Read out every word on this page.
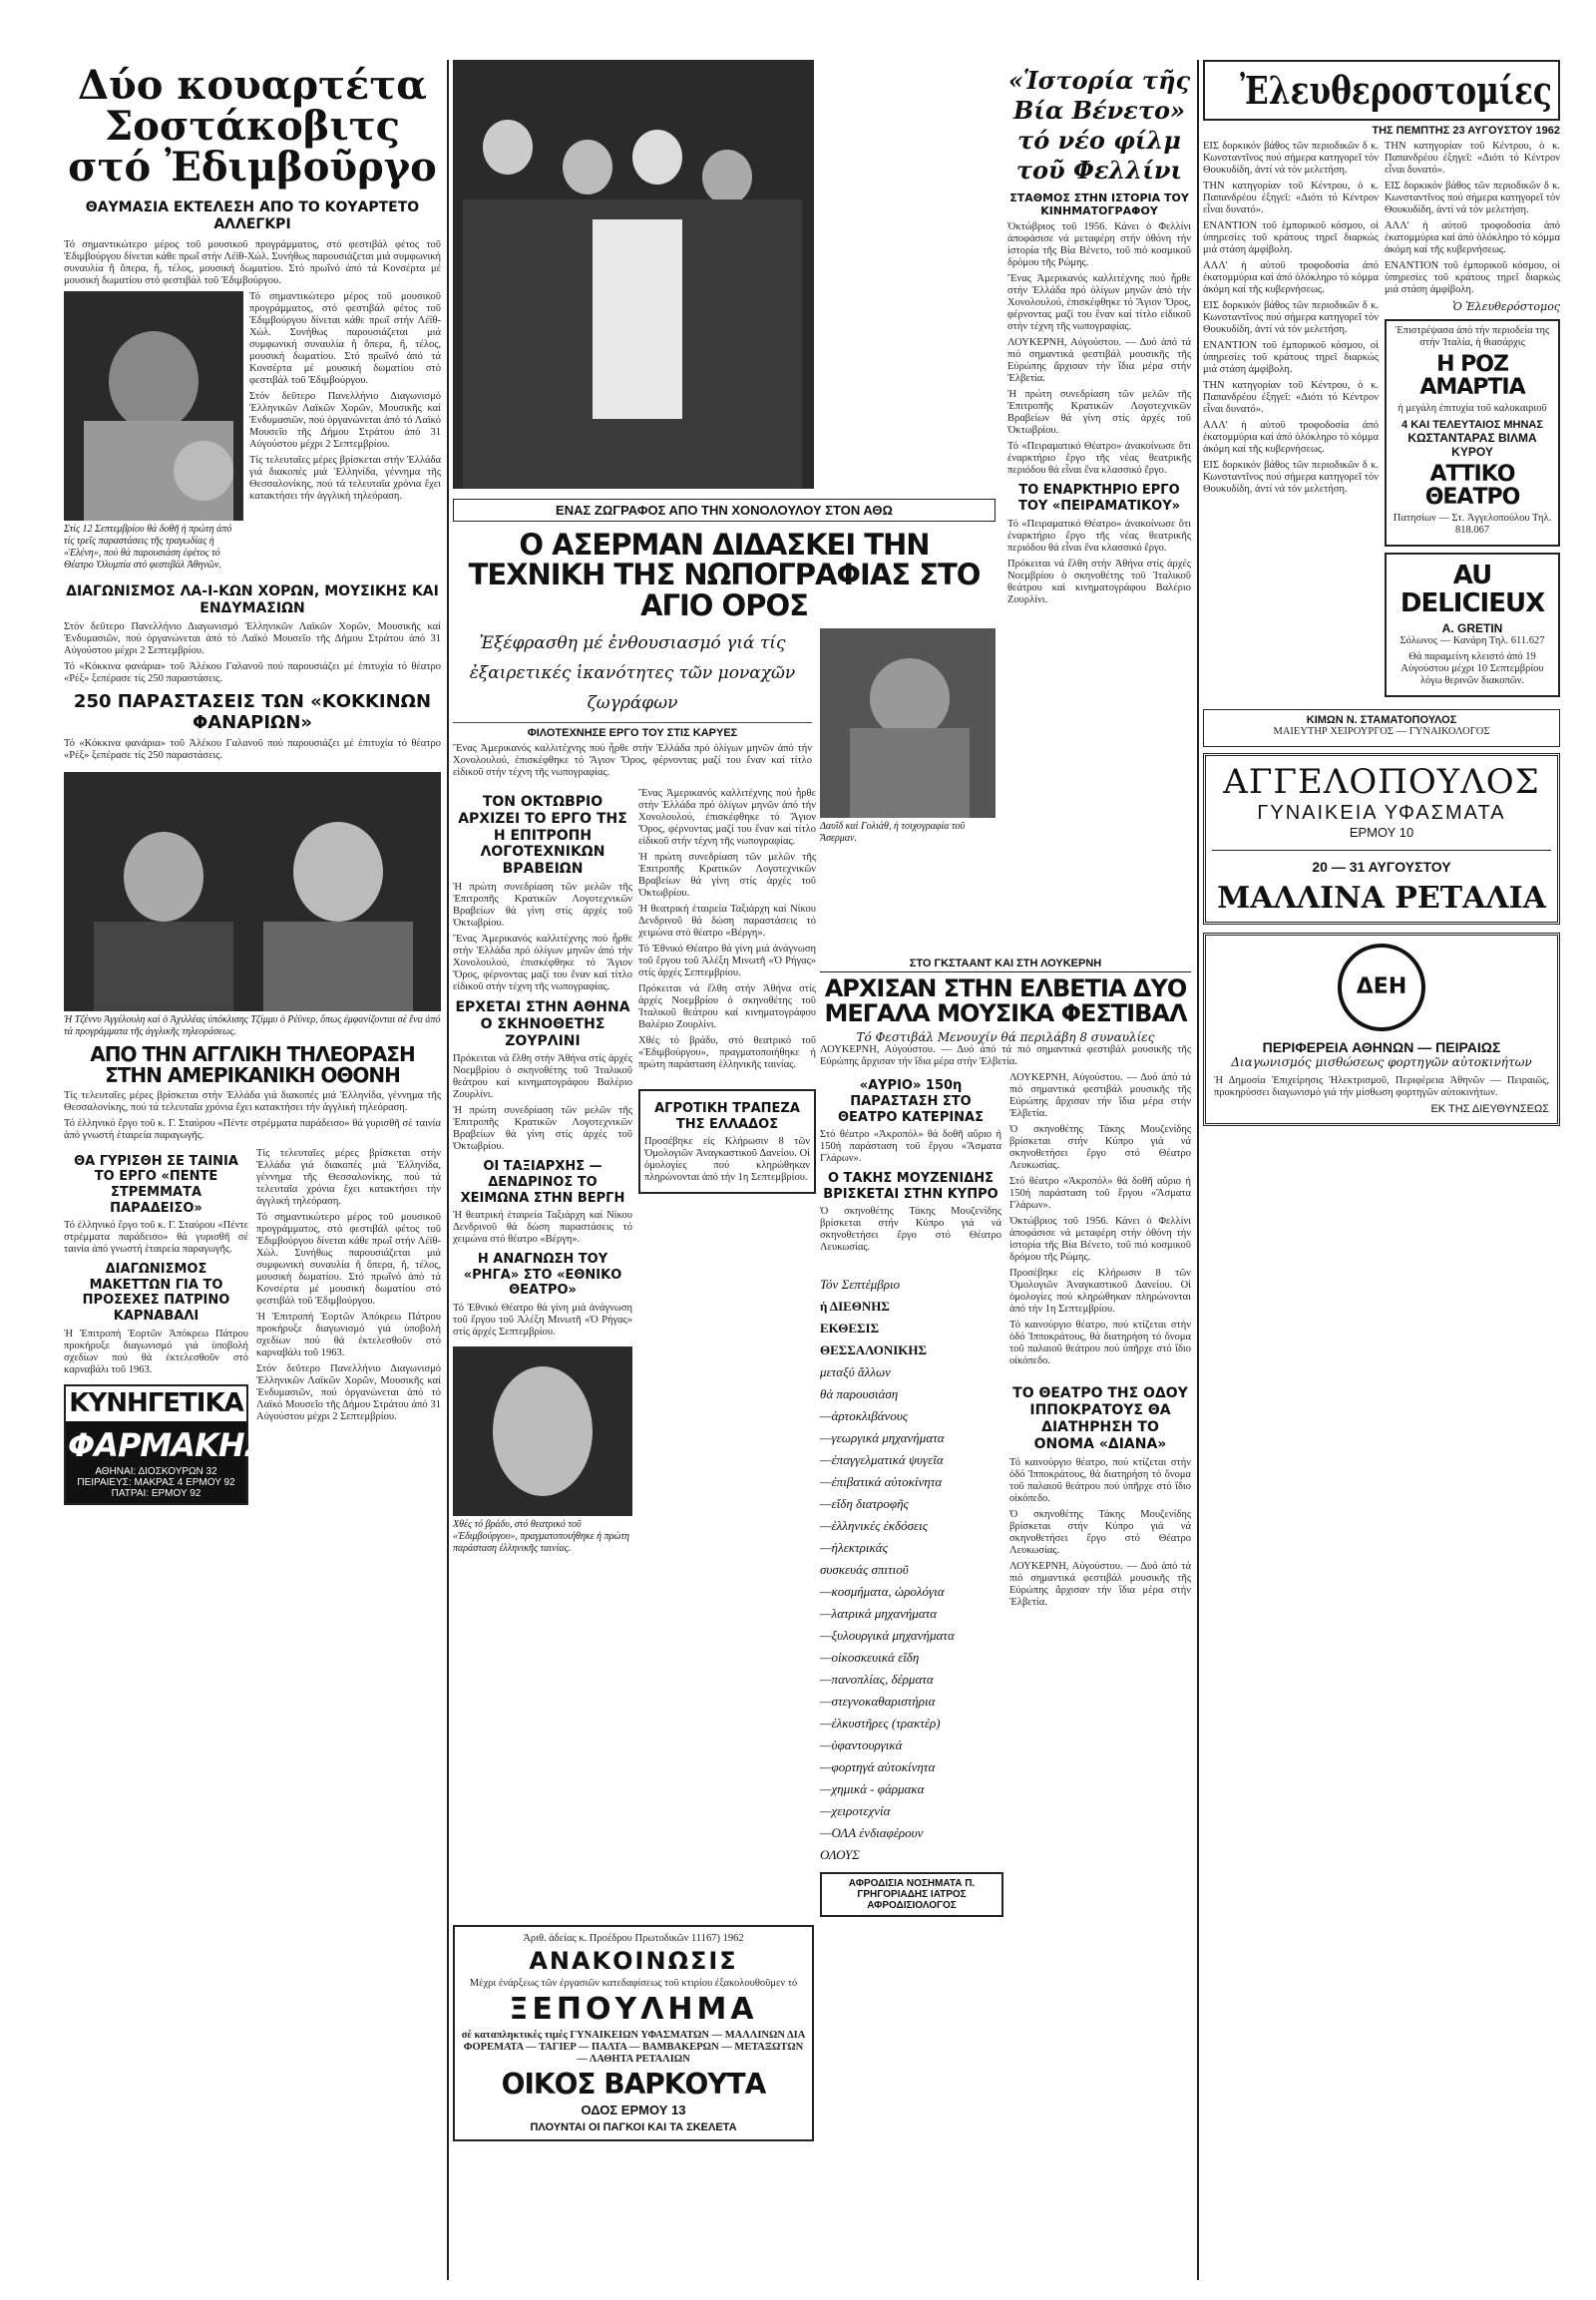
Δύο κουαρτέτα Σοστάκοβιτς στό Ἐδιμβοῦργο
ΘΑΥΜΑΣΙΑ ΕΚΤΕΛΕΣΗ ΑΠΟ ΤΟ ΚΟΥΑΡΤΕΤΟ ΑΛΛΕΓΚΡΙ

Τό σημαντικώτερο μέρος τοῦ μουσικοῦ προγράμματος, στό φεστιβάλ φέτος τοῦ Ἐδιμβούργου δίνεται κάθε πρωΐ στήν Λέϊθ-Χώλ. Συνήθως παρουσιάζεται μιά συμφωνική συναυλία ἤ ὄπερα, ἤ, τέλος, μουσική δωματίου. Στό πρωΐνό ἀπό τά Κονσέρτα μέ μουσική δωματίου στό φεστιβάλ τοῦ Ἐδιμβούργου.

Στίς 12 Σεπτεμβρίου θά δοθῆ ἡ πρώτη ἀπό τίς τρεῖς παραστάσεις τῆς τραγωδίας ἡ «Ἑλένη», πού θά παρουσιάση ἐφέτος τό Θέατρο Ὀλυμπία στό φεστιβάλ Ἀθηνῶν.

Τό σημαντικώτερο μέρος τοῦ μουσικοῦ προγράμματος, στό φεστιβάλ φέτος τοῦ Ἐδιμβούργου δίνεται κάθε πρωΐ στήν Λέϊθ-Χώλ. Συνήθως παρουσιάζεται μιά συμφωνική συναυλία ἤ ὄπερα, ἤ, τέλος, μουσική δωματίου. Στό πρωΐνό ἀπό τά Κονσέρτα μέ μουσική δωματίου στό φεστιβάλ τοῦ Ἐδιμβούργου.

Στόν δεῦτερο Πανελλήνιο Διαγωνισμό Ἑλληνικῶν Λαϊκῶν Χορῶν, Μουσικῆς καί Ἐνδυμασιῶν, πού ὀργανώνεται ἀπό τό Λαϊκό Μουσεῖο τῆς Δήμου Στράτου ἀπό 31 Αὐγούστου μέχρι 2 Σεπτεμβρίου.

Τίς τελευταῖες μέρες βρίσκεται στήν Ἑλλάδα γιά διακοπές μιά Ἑλληνίδα, γέννημα τῆς Θεσσαλονίκης, πού τά τελευταῖα χρόνια ἔχει κατακτήσει τήν ἀγγλική τηλεόραση.

ΔΙΑΓΩΝΙΣΜΟΣ ΛΑ-Ι-ΚΩΝ ΧΟΡΩΝ, ΜΟΥΣΙΚΗΣ ΚΑΙ ΕΝΔΥΜΑΣΙΩΝ

Στόν δεῦτερο Πανελλήνιο Διαγωνισμό Ἑλληνικῶν Λαϊκῶν Χορῶν, Μουσικῆς καί Ἐνδυμασιῶν, πού ὀργανώνεται ἀπό τό Λαϊκό Μουσεῖο τῆς Δήμου Στράτου ἀπό 31 Αὐγούστου μέχρι 2 Σεπτεμβρίου.

Τό «Κόκκινα φανάρια» τοῦ Ἀλέκου Γαλανοῦ πού παρουσιάζει μέ ἐπιτυχία τό θέατρο «Ρέξ» ξεπέρασε τίς 250 παραστάσεις.

250 ΠΑΡΑΣΤΑΣΕΙΣ ΤΩΝ «ΚΟΚΚΙΝΩΝ ΦΑΝΑΡΙΩΝ»

Τό «Κόκκινα φανάρια» τοῦ Ἀλέκου Γαλανοῦ πού παρουσιάζει μέ ἐπιτυχία τό θέατρο «Ρέξ» ξεπέρασε τίς 250 παραστάσεις.

Ἡ Τζέννυ Ἀγγέλουλη καί ὁ Ἀχιλλέας ὑπόκλισης Τζίμμυ ὁ Ρέϋνερ, ὅπως ἐμφανίζονται σέ ἕνα ἀπό τά προγράμματα τῆς ἀγγλικῆς τηλεοράσεως.

ΑΠΟ ΤΗΝ ΑΓΓΛΙΚΗ ΤΗΛΕΟΡΑΣΗ ΣΤΗΝ ΑΜΕΡΙΚΑΝΙΚΗ ΟΘΟΝΗ

Τίς τελευταῖες μέρες βρίσκεται στήν Ἑλλάδα γιά διακοπές μιά Ἑλληνίδα, γέννημα τῆς Θεσσαλονίκης, πού τά τελευταῖα χρόνια ἔχει κατακτήσει τήν ἀγγλική τηλεόραση.

Τό ἑλληνικό ἔργο τοῦ κ. Γ. Σταύρου «Πέντε στρέμματα παράδεισο» θά γυρισθῆ σέ ταινία ἀπό γνωστή ἑταιρεία παραγωγῆς.

ΘΑ ΓΥΡΙΣΘΗ ΣΕ ΤΑΙΝΙΑ ΤΟ ΕΡΓΟ «ΠΕΝΤΕ ΣΤΡΕΜΜΑΤΑ ΠΑΡΑΔΕΙΣΟ»

Τό ἑλληνικό ἔργο τοῦ κ. Γ. Σταύρου «Πέντε στρέμματα παράδεισο» θά γυρισθῆ σέ ταινία ἀπό γνωστή ἑταιρεία παραγωγῆς.

ΔΙΑΓΩΝΙΣΜΟΣ ΜΑΚΕΤΤΩΝ ΓΙΑ ΤΟ ΠΡΟΣΕΧΕΣ ΠΑΤΡΙΝΟ ΚΑΡΝΑΒΑΛΙ

Ἡ Ἐπιτροπή Ἑορτῶν Ἀπόκρεω Πάτρου προκήρυξε διαγωνισμό γιά ὑποβολή σχεδίων πού θά ἐκτελεσθοῦν στό καρναβάλι τοῦ 1963.

ΚΥΝΗΓΕΤΙΚΑ
ΦΑΡΜΑΚΗΣ
ΑΘΗΝΑΙ: ΔΙΟΣΚΟΥΡΩΝ 32
ΠΕΙΡΑΙΕΥΣ: ΜΑΚΡΑΣ 4 ΕΡΜΟΥ 92
ΠΑΤΡΑΙ: ΕΡΜΟΥ 92

Τίς τελευταῖες μέρες βρίσκεται στήν Ἑλλάδα γιά διακοπές μιά Ἑλληνίδα, γέννημα τῆς Θεσσαλονίκης, πού τά τελευταῖα χρόνια ἔχει κατακτήσει τήν ἀγγλική τηλεόραση.

Τό σημαντικώτερο μέρος τοῦ μουσικοῦ προγράμματος, στό φεστιβάλ φέτος τοῦ Ἐδιμβούργου δίνεται κάθε πρωΐ στήν Λέϊθ-Χώλ. Συνήθως παρουσιάζεται μιά συμφωνική συναυλία ἤ ὄπερα, ἤ, τέλος, μουσική δωματίου. Στό πρωΐνό ἀπό τά Κονσέρτα μέ μουσική δωματίου στό φεστιβάλ τοῦ Ἐδιμβούργου.

Ἡ Ἐπιτροπή Ἑορτῶν Ἀπόκρεω Πάτρου προκήρυξε διαγωνισμό γιά ὑποβολή σχεδίων πού θά ἐκτελεσθοῦν στό καρναβάλι τοῦ 1963.

Στόν δεῦτερο Πανελλήνιο Διαγωνισμό Ἑλληνικῶν Λαϊκῶν Χορῶν, Μουσικῆς καί Ἐνδυμασιῶν, πού ὀργανώνεται ἀπό τό Λαϊκό Μουσεῖο τῆς Δήμου Στράτου ἀπό 31 Αὐγούστου μέχρι 2 Σεπτεμβρίου.

«Ἱστορία τῆς Βία Βένετο» τό νέο φίλμ τοῦ Φελλίνι
ΣΤΑΘΜΟΣ ΣΤΗΝ ΙΣΤΟΡΙΑ ΤΟΥ ΚΙΝΗΜΑΤΟΓΡΑΦΟΥ

Ὀκτώβριος τοῦ 1956. Κάνει ὁ Φελλίνι ἀποφάσισε νά μεταφέρη στήν ὀθόνη τήν ἱστορία τῆς Βία Βένετο, τοῦ πιό κοσμικοῦ δρόμου τῆς Ρώμης.

Ἕνας Ἀμερικανός καλλιτέχνης πού ἦρθε στήν Ἑλλάδα πρό ὀλίγων μηνῶν ἀπό τήν Χονολουλού, ἐπισκέφθηκε τό Ἅγιον Ὄρος, φέρνοντας μαζί του ἕναν καί τίτλο εἰδικοῦ στήν τέχνη τῆς νωπογραφίας.

ΛΟΥΚΕΡΝΗ, Αὐγούστου. — Δυό ἀπό τά πιό σημαντικά φεστιβάλ μουσικῆς τῆς Εὐρώπης ἄρχισαν τήν ἴδια μέρα στήν Ἑλβετία.

Ἡ πρώτη συνεδρίαση τῶν μελῶν τῆς Ἐπιτροπῆς Κρατικῶν Λογοτεχνικῶν Βραβείων θά γίνη στίς ἀρχές τοῦ Ὀκτωβρίου.

Τό «Πειραματικό Θέατρο» ἀνακοίνωσε ὅτι ἐναρκτήριο ἔργο τῆς νέας θεατρικῆς περιόδου θά εἶναι ἕνα κλασσικό ἔργο.

ΤΟ ΕΝΑΡΚΤΗΡΙΟ ΕΡΓΟ ΤΟΥ «ΠΕΙΡΑΜΑΤΙΚΟΥ»

Τό «Πειραματικό Θέατρο» ἀνακοίνωσε ὅτι ἐναρκτήριο ἔργο τῆς νέας θεατρικῆς περιόδου θά εἶναι ἕνα κλασσικό ἔργο.

Πρόκειται νά ἔλθη στήν Ἀθήνα στίς ἀρχές Νοεμβρίου ὁ σκηνοθέτης τοῦ Ἰταλικοῦ θεάτρου καί κινηματογράφου Βαλέριο Ζουρλίνι.

ΕΝΑΣ ΖΩΓΡΑΦΟΣ ΑΠΟ ΤΗΝ ΧΟΝΟΛΟΥΛΟΥ ΣΤΟΝ ΑΘΩ
Ο ΑΣΕΡΜΑΝ ΔΙΔΑΣΚΕΙ ΤΗΝ ΤΕΧΝΙΚΗ ΤΗΣ ΝΩΠΟΓΡΑΦΙΑΣ ΣΤΟ ΑΓΙΟ ΟΡΟΣ
Ἐξέφρασθη μέ ἐνθουσιασμό γιά τίς ἐξαιρετικές ἱκανότητες τῶν μοναχῶν ζωγράφων
ΦΙΛΟΤΕΧΝΗΣΕ ΕΡΓΟ ΤΟΥ ΣΤΙΣ ΚΑΡΥΕΣ

Ἕνας Ἀμερικανός καλλιτέχνης πού ἦρθε στήν Ἑλλάδα πρό ὀλίγων μηνῶν ἀπό τήν Χονολουλού, ἐπισκέφθηκε τό Ἅγιον Ὄρος, φέρνοντας μαζί του ἕναν καί τίτλο εἰδικοῦ στήν τέχνη τῆς νωπογραφίας.

Δαυΐδ καί Γολιάθ, ἡ τοιχογραφία τοῦ Ἄσερμαν.

ΤΟΝ ΟΚΤΩΒΡΙΟ ΑΡΧΙΖΕΙ ΤΟ ΕΡΓΟ ΤΗΣ Η ΕΠΙΤΡΟΠΗ ΛΟΓΟΤΕΧΝΙΚΩΝ ΒΡΑΒΕΙΩΝ

Ἡ πρώτη συνεδρίαση τῶν μελῶν τῆς Ἐπιτροπῆς Κρατικῶν Λογοτεχνικῶν Βραβείων θά γίνη στίς ἀρχές τοῦ Ὀκτωβρίου.

Ἕνας Ἀμερικανός καλλιτέχνης πού ἦρθε στήν Ἑλλάδα πρό ὀλίγων μηνῶν ἀπό τήν Χονολουλού, ἐπισκέφθηκε τό Ἅγιον Ὄρος, φέρνοντας μαζί του ἕναν καί τίτλο εἰδικοῦ στήν τέχνη τῆς νωπογραφίας.

ΕΡΧΕΤΑΙ ΣΤΗΝ ΑΘΗΝΑ Ο ΣΚΗΝΟΘΕΤΗΣ ΖΟΥΡΛΙΝΙ

Πρόκειται νά ἔλθη στήν Ἀθήνα στίς ἀρχές Νοεμβρίου ὁ σκηνοθέτης τοῦ Ἰταλικοῦ θεάτρου καί κινηματογράφου Βαλέριο Ζουρλίνι.

Ἡ πρώτη συνεδρίαση τῶν μελῶν τῆς Ἐπιτροπῆς Κρατικῶν Λογοτεχνικῶν Βραβείων θά γίνη στίς ἀρχές τοῦ Ὀκτωβρίου.

ΟΙ ΤΑΞΙΑΡΧΗΣ — ΔΕΝΔΡΙΝΟΣ ΤΟ ΧΕΙΜΩΝΑ ΣΤΗΝ ΒΕΡΓΗ

Ἡ θεατρική ἑταιρεία Ταξιάρχη καί Νίκου Δενδρινοῦ θά δώση παραστάσεις τό χειμώνα στό θέατρο «Βέργη».

Η ΑΝΑΓΝΩΣΗ ΤΟΥ «ΡΗΓΑ» ΣΤΟ «ΕΘΝΙΚΟ ΘΕΑΤΡΟ»

Τό Ἐθνικό Θέατρο θά γίνη μιά ἀνάγνωση τοῦ ἔργου τοῦ Ἀλέξη Μινωτῆ «Ὁ Ρήγας» στίς ἀρχές Σεπτεμβρίου.

Χθές τό βράδυ, στό θεατρικό τοῦ «Ἐδιμβούργου», πραγματοποιήθηκε ἡ πρώτη παράσταση ἑλληνικῆς ταινίας.

Ἕνας Ἀμερικανός καλλιτέχνης πού ἦρθε στήν Ἑλλάδα πρό ὀλίγων μηνῶν ἀπό τήν Χονολουλού, ἐπισκέφθηκε τό Ἅγιον Ὄρος, φέρνοντας μαζί του ἕναν καί τίτλο εἰδικοῦ στήν τέχνη τῆς νωπογραφίας.

Ἡ πρώτη συνεδρίαση τῶν μελῶν τῆς Ἐπιτροπῆς Κρατικῶν Λογοτεχνικῶν Βραβείων θά γίνη στίς ἀρχές τοῦ Ὀκτωβρίου.

Ἡ θεατρική ἑταιρεία Ταξιάρχη καί Νίκου Δενδρινοῦ θά δώση παραστάσεις τό χειμώνα στό θέατρο «Βέργη».

Τό Ἐθνικό Θέατρο θά γίνη μιά ἀνάγνωση τοῦ ἔργου τοῦ Ἀλέξη Μινωτῆ «Ὁ Ρήγας» στίς ἀρχές Σεπτεμβρίου.

Πρόκειται νά ἔλθη στήν Ἀθήνα στίς ἀρχές Νοεμβρίου ὁ σκηνοθέτης τοῦ Ἰταλικοῦ θεάτρου καί κινηματογράφου Βαλέριο Ζουρλίνι.

Χθές τό βράδυ, στό θεατρικό τοῦ «Ἐδιμβούργου», πραγματοποιήθηκε ἡ πρώτη παράσταση ἑλληνικῆς ταινίας.

ΑΓΡΟΤΙΚΗ ΤΡΑΠΕΖΑ ΤΗΣ ΕΛΛΑΔΟΣ

Προσέβηκε εἰς Κλήρωσιν 8 τῶν Ὁμολογιῶν Ἀναγκαστικοῦ Δανείου. Οἱ ὁμολογίες πού κληρώθηκαν πληρώνονται ἀπό τήν 1η Σεπτεμβρίου.

ΣΤΟ ΓΚΣΤΑΑΝΤ ΚΑΙ ΣΤΗ ΛΟΥΚΕΡΝΗ
ΑΡΧΙΣΑΝ ΣΤΗΝ ΕΛΒΕΤΙΑ ΔΥΟ ΜΕΓΑΛΑ ΜΟΥΣΙΚΑ ΦΕΣΤΙΒΑΛ
Τό Φεστιβάλ Μενουχίν θά περιλάβη 8 συναυλίες

ΛΟΥΚΕΡΝΗ, Αὐγούστου. — Δυό ἀπό τά πιό σημαντικά φεστιβάλ μουσικῆς τῆς Εὐρώπης ἄρχισαν τήν ἴδια μέρα στήν Ἑλβετία.

«ΑΥΡΙΟ» 150η ΠΑΡΑΣΤΑΣΗ ΣΤΟ ΘΕΑΤΡΟ ΚΑΤΕΡΙΝΑΣ

Στό θέατρο «Ἀκροπόλ» θά δοθῆ αὔριο ἡ 150ή παράσταση τοῦ ἔργου «Ἄσματα Γλάρων».

Ο ΤΑΚΗΣ ΜΟΥΖΕΝΙΔΗΣ ΒΡΙΣΚΕΤΑΙ ΣΤΗΝ ΚΥΠΡΟ

Ὁ σκηνοθέτης Τάκης Μουζενίδης βρίσκεται στήν Κύπρο γιά νά σκηνοθετήσει ἔργο στό Θέατρο Λευκωσίας.

Τόν Σεπτέμβριο
ἡ ΔΙΕΘΝΗΣ
ΕΚΘΕΣΙΣ
ΘΕΣΣΑΛΟΝΙΚΗΣ
μεταξύ ἄλλων
θά παρουσιάση
—ἀρτοκλιβάνους
—γεωργικά μηχανήματα
—ἐπαγγελματικά ψυγεῖα
—ἐπιβατικά αὐτοκίνητα
—εἴδη διατροφῆς
—ἑλληνικές ἐκδόσεις
—ἠλεκτρικάς
συσκευάς σπιτιοῦ
—κοσμήματα, ὡρολόγια
—λατρικά μηχανήματα
—ξυλουργικά μηχανήματα
—οἰκοσκευικά εἴδη
—πανοπλίας, δέρματα
—στεγνοκαθαριστήρια
—ἐλκυστῆρες (τρακτέρ)
—ὑφαντουργικά
—φορτηγά αὐτοκίνητα
—χημικά - φάρμακα
—χειροτεχνία
—ΟΛΑ ἐνδιαφέρουν
ΟΛΟΥΣ

ΛΟΥΚΕΡΝΗ, Αὐγούστου. — Δυό ἀπό τά πιό σημαντικά φεστιβάλ μουσικῆς τῆς Εὐρώπης ἄρχισαν τήν ἴδια μέρα στήν Ἑλβετία.

Ὁ σκηνοθέτης Τάκης Μουζενίδης βρίσκεται στήν Κύπρο γιά νά σκηνοθετήσει ἔργο στό Θέατρο Λευκωσίας.

Στό θέατρο «Ἀκροπόλ» θά δοθῆ αὔριο ἡ 150ή παράσταση τοῦ ἔργου «Ἄσματα Γλάρων».

Ὀκτώβριος τοῦ 1956. Κάνει ὁ Φελλίνι ἀποφάσισε νά μεταφέρη στήν ὀθόνη τήν ἱστορία τῆς Βία Βένετο, τοῦ πιό κοσμικοῦ δρόμου τῆς Ρώμης.

Προσέβηκε εἰς Κλήρωσιν 8 τῶν Ὁμολογιῶν Ἀναγκαστικοῦ Δανείου. Οἱ ὁμολογίες πού κληρώθηκαν πληρώνονται ἀπό τήν 1η Σεπτεμβρίου.

Τό καινούργιο θέατρο, πού κτίζεται στήν ὁδό Ἱπποκράτους, θά διατηρήση τό ὄνομα τοῦ παλαιοῦ θεάτρου πού ὑπῆρχε στό ἴδιο οἰκόπεδο.

ΤΟ ΘΕΑΤΡΟ ΤΗΣ ΟΔΟΥ ΙΠΠΟΚΡΑΤΟΥΣ ΘΑ ΔΙΑΤΗΡΗΣΗ ΤΟ ΟΝΟΜΑ «ΔΙΑΝΑ»

Τό καινούργιο θέατρο, πού κτίζεται στήν ὁδό Ἱπποκράτους, θά διατηρήση τό ὄνομα τοῦ παλαιοῦ θεάτρου πού ὑπῆρχε στό ἴδιο οἰκόπεδο.

Ὁ σκηνοθέτης Τάκης Μουζενίδης βρίσκεται στήν Κύπρο γιά νά σκηνοθετήσει ἔργο στό Θέατρο Λευκωσίας.

ΛΟΥΚΕΡΝΗ, Αὐγούστου. — Δυό ἀπό τά πιό σημαντικά φεστιβάλ μουσικῆς τῆς Εὐρώπης ἄρχισαν τήν ἴδια μέρα στήν Ἑλβετία.

ΑΦΡΟΔΙΣΙΑ ΝΟΣΗΜΑΤΑ Π. ΓΡΗΓΟΡΙΑΔΗΣ ΙΑΤΡΟΣ ΑΦΡΟΔΙΣΙΟΛΟΓΟΣ
Ἀριθ. ἀδείας κ. Προέδρου Πρωτοδικῶν 11167) 1962
ΑΝΑΚΟΙΝΩΣΙΣ
Μέχρι ἐνάρξεως τῶν ἐργασιῶν κατεδαφίσεως τοῦ κτιρίου ἐξακολουθοῦμεν τό
ΞΕΠΟΥΛΗΜΑ
σέ καταπληκτικές τιμές ΓΥΝΑΙΚΕΙΩΝ ΥΦΑΣΜΑΤΩΝ — ΜΑΛΛΙΝΩΝ ΔΙΑ ΦΟΡΕΜΑΤΑ — ΤΑΓΙΕΡ — ΠΑΛΤΑ — ΒΑΜΒΑΚΕΡΩΝ — ΜΕΤΑΞΩΤΩΝ — ΛΑΘΗΤΑ ΡΕΤΑΛΙΩΝ
ΟΙΚΟΣ ΒΑΡΚΟΥΤΑ
ΟΔΟΣ ΕΡΜΟΥ 13
ΠΛΟΥΝΤΑΙ ΟΙ ΠΑΓΚΟΙ ΚΑΙ ΤΑ ΣΚΕΛΕΤΑ
Ἐλευθεροστομίες
ΤΗΣ ΠΕΜΠΤΗΣ 23 ΑΥΓΟΥΣΤΟΥ 1962

ΕΙΣ δορκικόν βάθος τῶν περιοδικῶν δ κ. Κωνσταντῖνος πού σήμερα κατηγορεῖ τόν Θουκυδίδη, ἀντί νά τόν μελετήση.

ΤΗΝ κατηγορίαν τοῦ Κέντρου, ὁ κ. Παπανδρέου ἐξηγεῖ: «Διότι τό Κέντρον εἶναι δυνατό».

ΕΝΑΝΤΙΟΝ τοῦ ἐμπορικοῦ κόσμου, οἱ ὑπηρεσίες τοῦ κράτους τηρεῖ διαρκώς μιά στάση ἀμφίβολη.

ΑΛΛ' ἡ αὐτοῦ τροφοδοσία ἀπό ἑκατομμύρια καί ἀπό ὁλόκληρο τό κόμμα ἀκόμη καί τῆς κυβερνήσεως.

ΕΙΣ δορκικόν βάθος τῶν περιοδικῶν δ κ. Κωνσταντῖνος πού σήμερα κατηγορεῖ τόν Θουκυδίδη, ἀντί νά τόν μελετήση.

ΕΝΑΝΤΙΟΝ τοῦ ἐμπορικοῦ κόσμου, οἱ ὑπηρεσίες τοῦ κράτους τηρεῖ διαρκώς μιά στάση ἀμφίβολη.

ΤΗΝ κατηγορίαν τοῦ Κέντρου, ὁ κ. Παπανδρέου ἐξηγεῖ: «Διότι τό Κέντρον εἶναι δυνατό».

ΑΛΛ' ἡ αὐτοῦ τροφοδοσία ἀπό ἑκατομμύρια καί ἀπό ὁλόκληρο τό κόμμα ἀκόμη καί τῆς κυβερνήσεως.

ΕΙΣ δορκικόν βάθος τῶν περιοδικῶν δ κ. Κωνσταντῖνος πού σήμερα κατηγορεῖ τόν Θουκυδίδη, ἀντί νά τόν μελετήση.

ΤΗΝ κατηγορίαν τοῦ Κέντρου, ὁ κ. Παπανδρέου ἐξηγεῖ: «Διότι τό Κέντρον εἶναι δυνατό».

ΕΙΣ δορκικόν βάθος τῶν περιοδικῶν δ κ. Κωνσταντῖνος πού σήμερα κατηγορεῖ τόν Θουκυδίδη, ἀντί νά τόν μελετήση.

ΑΛΛ' ἡ αὐτοῦ τροφοδοσία ἀπό ἑκατομμύρια καί ἀπό ὁλόκληρο τό κόμμα ἀκόμη καί τῆς κυβερνήσεως.

ΕΝΑΝΤΙΟΝ τοῦ ἐμπορικοῦ κόσμου, οἱ ὑπηρεσίες τοῦ κράτους τηρεῖ διαρκώς μιά στάση ἀμφίβολη.

Ὁ Ἐλευθερόστομος
Ἐπιστρέψασα ἀπό τήν περιοδεία της στήν Ἰταλία, ἡ θιασάρχις
Η ΡΟΖ ΑΜΑΡΤΙΑ
ἡ μεγάλη ἐπιτυχία τοῦ καλοκαιριοῦ
4 ΚΑΙ ΤΕΛΕΥΤΑΙΟΣ ΜΗΝΑΣ
ΚΩΣΤΑΝΤΑΡΑΣ ΒΙΛΜΑ ΚΥΡΟΥ
ΑΤΤΙΚΟ ΘΕΑΤΡΟ
Πατησίων — Στ. Ἀγγελοπούλου Τηλ. 818.067
AU DELICIEUX
A. GRETIN
Σόλωνος — Κανάρη Τηλ. 611.627
Θά παραμείνη κλειστό ἀπό 19 Αὐγούστου μέχρι 10 Σεπτεμβρίου λόγω θερινῶν διακοπῶν.
ΚΙΜΩΝ Ν. ΣΤΑΜΑΤΟΠΟΥΛΟΣ
ΜΑΙΕΥΤΗΡ ΧΕΙΡΟΥΡΓΟΣ — ΓΥΝΑΙΚΟΛΟΓΟΣ
ΑΓΓΕΛΟΠΟΥΛΟΣ
ΓΥΝΑΙΚΕΙΑ ΥΦΑΣΜΑΤΑ
ΕΡΜΟΥ 10
20 — 31 ΑΥΓΟΥΣΤΟΥ
ΜΑΛΛΙΝΑ ΡΕΤΑΛΙΑ
ΔΕΗ
ΠΕΡΙΦΕΡΕΙΑ ΑΘΗΝΩΝ — ΠΕΙΡΑΙΩΣ
Διαγωνισμός μισθώσεως φορτηγῶν αὐτοκινήτων

Ἡ Δημοσία Ἐπιχείρησις Ἠλεκτρισμοῦ, Περιφέρεια Ἀθηνῶν — Πειραιῶς, προκηρύσσει διαγωνισμό γιά τήν μίσθωση φορτηγῶν αὐτοκινήτων.

ΕΚ ΤΗΣ ΔΙΕΥΘΥΝΣΕΩΣ
